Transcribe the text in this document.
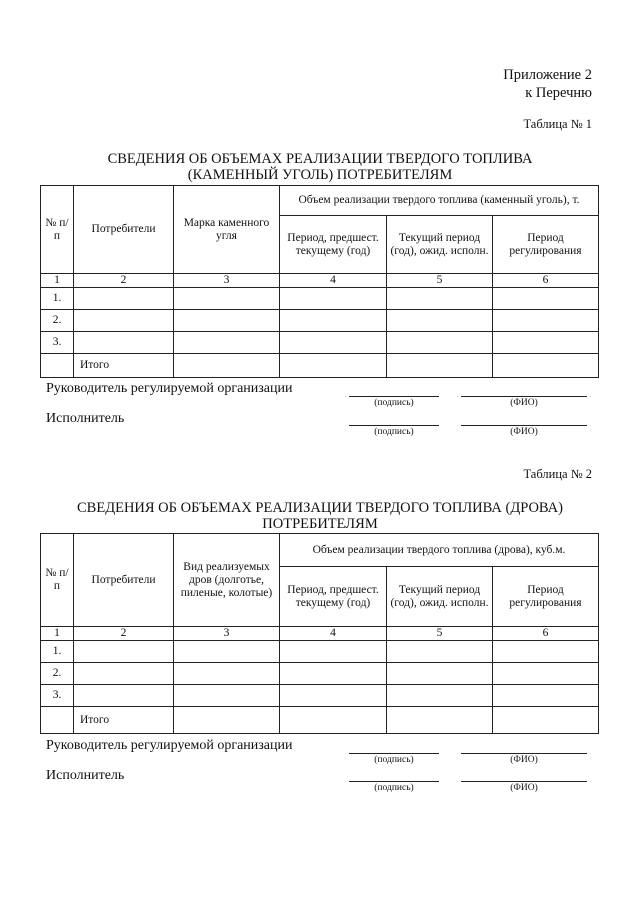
Приложение 2
к Перечню
Таблица № 1
СВЕДЕНИЯ ОБ ОБЪЕМАХ РЕАЛИЗАЦИИ ТВЕРДОГО ТОПЛИВА
(КАМЕННЫЙ УГОЛЬ) ПОТРЕБИТЕЛЯМ
№ п/п	Потребители	Марка каменного угля	Объем реализации твердого топлива (каменный уголь), т.		
			Период, предшест. текущему (год)	Текущий период (год), ожид. исполн.	Период регулирования
1	2	3	4	5	6
1.					
2.					
3.					
	Итого				
Руководитель регулируемой организации
(подпись)	(ФИО)
Исполнитель
(подпись)	(ФИО)
Таблица № 2
СВЕДЕНИЯ ОБ ОБЪЕМАХ РЕАЛИЗАЦИИ ТВЕРДОГО ТОПЛИВА (ДРОВА)
ПОТРЕБИТЕЛЯМ
№ п/п	Потребители	Вид реализуемых дров (долготье, пиленые, колотые)	Объем реализации твердого топлива (дрова), куб.м.		
			Период, предшест. текущему (год)	Текущий период (год), ожид. исполн.	Период регулирования
1	2	3	4	5	6
1.					
2.					
3.					
	Итого				
Руководитель регулируемой организации
(подпись)	(ФИО)
Исполнитель
(подпись)	(ФИО)
